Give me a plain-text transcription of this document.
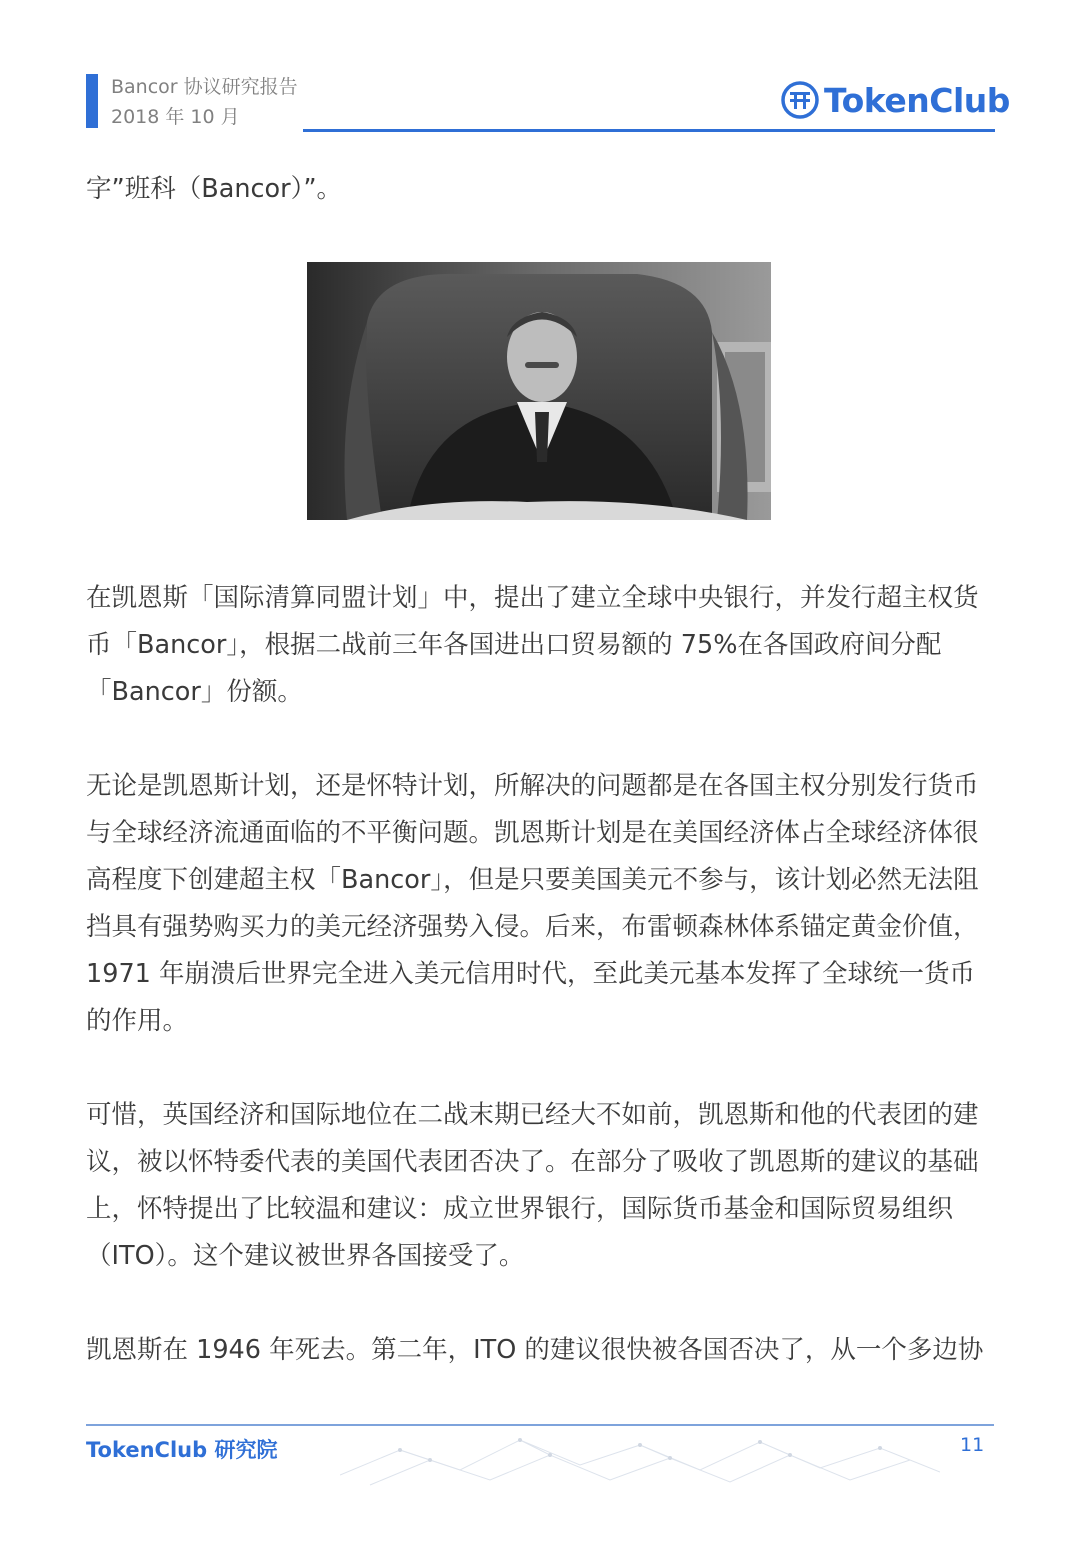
Bancor 协议研究报告
2018 年 10 月	TokenClub

字”班科（Bancor）”。

在凯恩斯「国际清算同盟计划」中，提出了建立全球中央银行，并发行超主权货币「Bancor」，根据二战前三年各国进出口贸易额的 75%在各国政府间分配「Bancor」份额。

无论是凯恩斯计划，还是怀特计划，所解决的问题都是在各国主权分别发行货币与全球经济流通面临的不平衡问题。凯恩斯计划是在美国经济体占全球经济体很高程度下创建超主权「Bancor」，但是只要美国美元不参与，该计划必然无法阻挡具有强势购买力的美元经济强势入侵。后来，布雷顿森林体系锚定黄金价值，1971 年崩溃后世界完全进入美元信用时代，至此美元基本发挥了全球统一货币的作用。

可惜，英国经济和国际地位在二战末期已经大不如前，凯恩斯和他的代表团的建议，被以怀特委代表的美国代表团否决了。在部分了吸收了凯恩斯的建议的基础上，怀特提出了比较温和建议：成立世界银行，国际货币基金和国际贸易组织（ITO）。这个建议被世界各国接受了。

凯恩斯在 1946 年死去。第二年，ITO 的建议很快被各国否决了，从一个多边协

TokenClub 研究院	11
